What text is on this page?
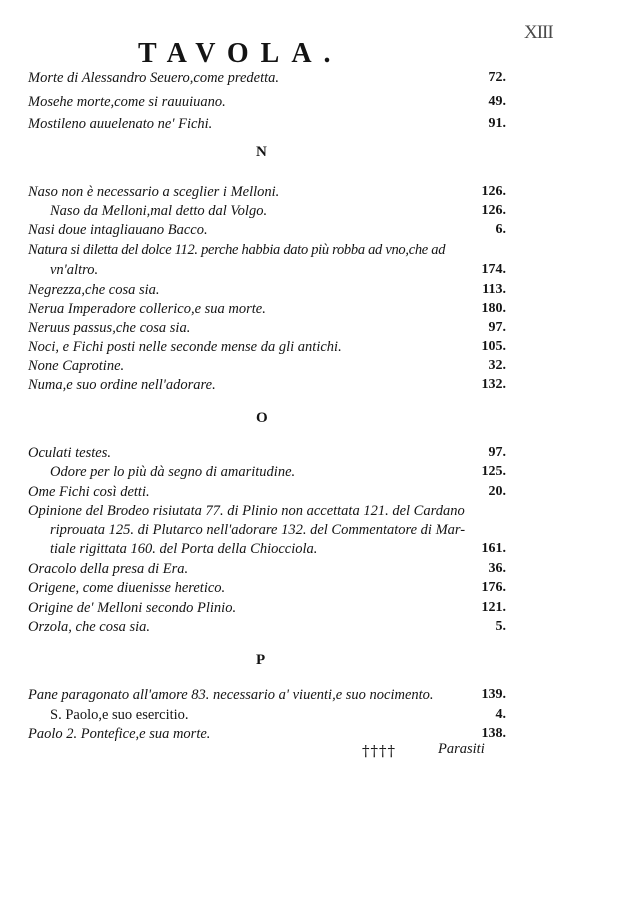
XIII
TAVOLA.
Morte di Alessandro Seuero,come predetta.	72.
Mosehe morte,come si rauuiuano.	49.
Mostileno auuelenato ne' Fichi.	91.
N
Naso non è necessario a sceglier i Melloni.	126.
Naso da Melloni,mal detto dal Volgo.	126.
Nasi doue intagliauano Bacco.	6.
Natura si diletta del dolce 112. perche habbia dato più robba ad vno,che ad
vn'altro.	174.
Negrezza,che cosa sia.	113.
Nerua Imperadore collerico,e sua morte.	180.
Neruus passus,che cosa sia.	97.
Noci, e Fichi posti nelle seconde mense da gli antichi.	105.
None Caprotine.	32.
Numa,e suo ordine nell'adorare.	132.
O
Oculati testes.	97.
Odore per lo più dà segno di amaritudine.	125.
Ome Fichi così detti.	20.
Opinione del Brodeo risiutata 77. di Plinio non accettata 121. del Cardano
riprouata 125. di Plutarco nell'adorare 132. del Commentatore di Mar-
tiale rigittata 160. del Porta della Chiocciola.	161.
Oracolo della presa di Era.	36.
Origene, come diuenisse heretico.	176.
Origine de' Melloni secondo Plinio.	121.
Orzola, che cosa sia.	5.
P
Pane paragonato all'amore 83. necessario a' viuenti,e suo nocimento.	139.
S. Paolo,e suo esercitio.	4.
Paolo 2. Pontefice,e sua morte.	138.
††††	Parasiti
